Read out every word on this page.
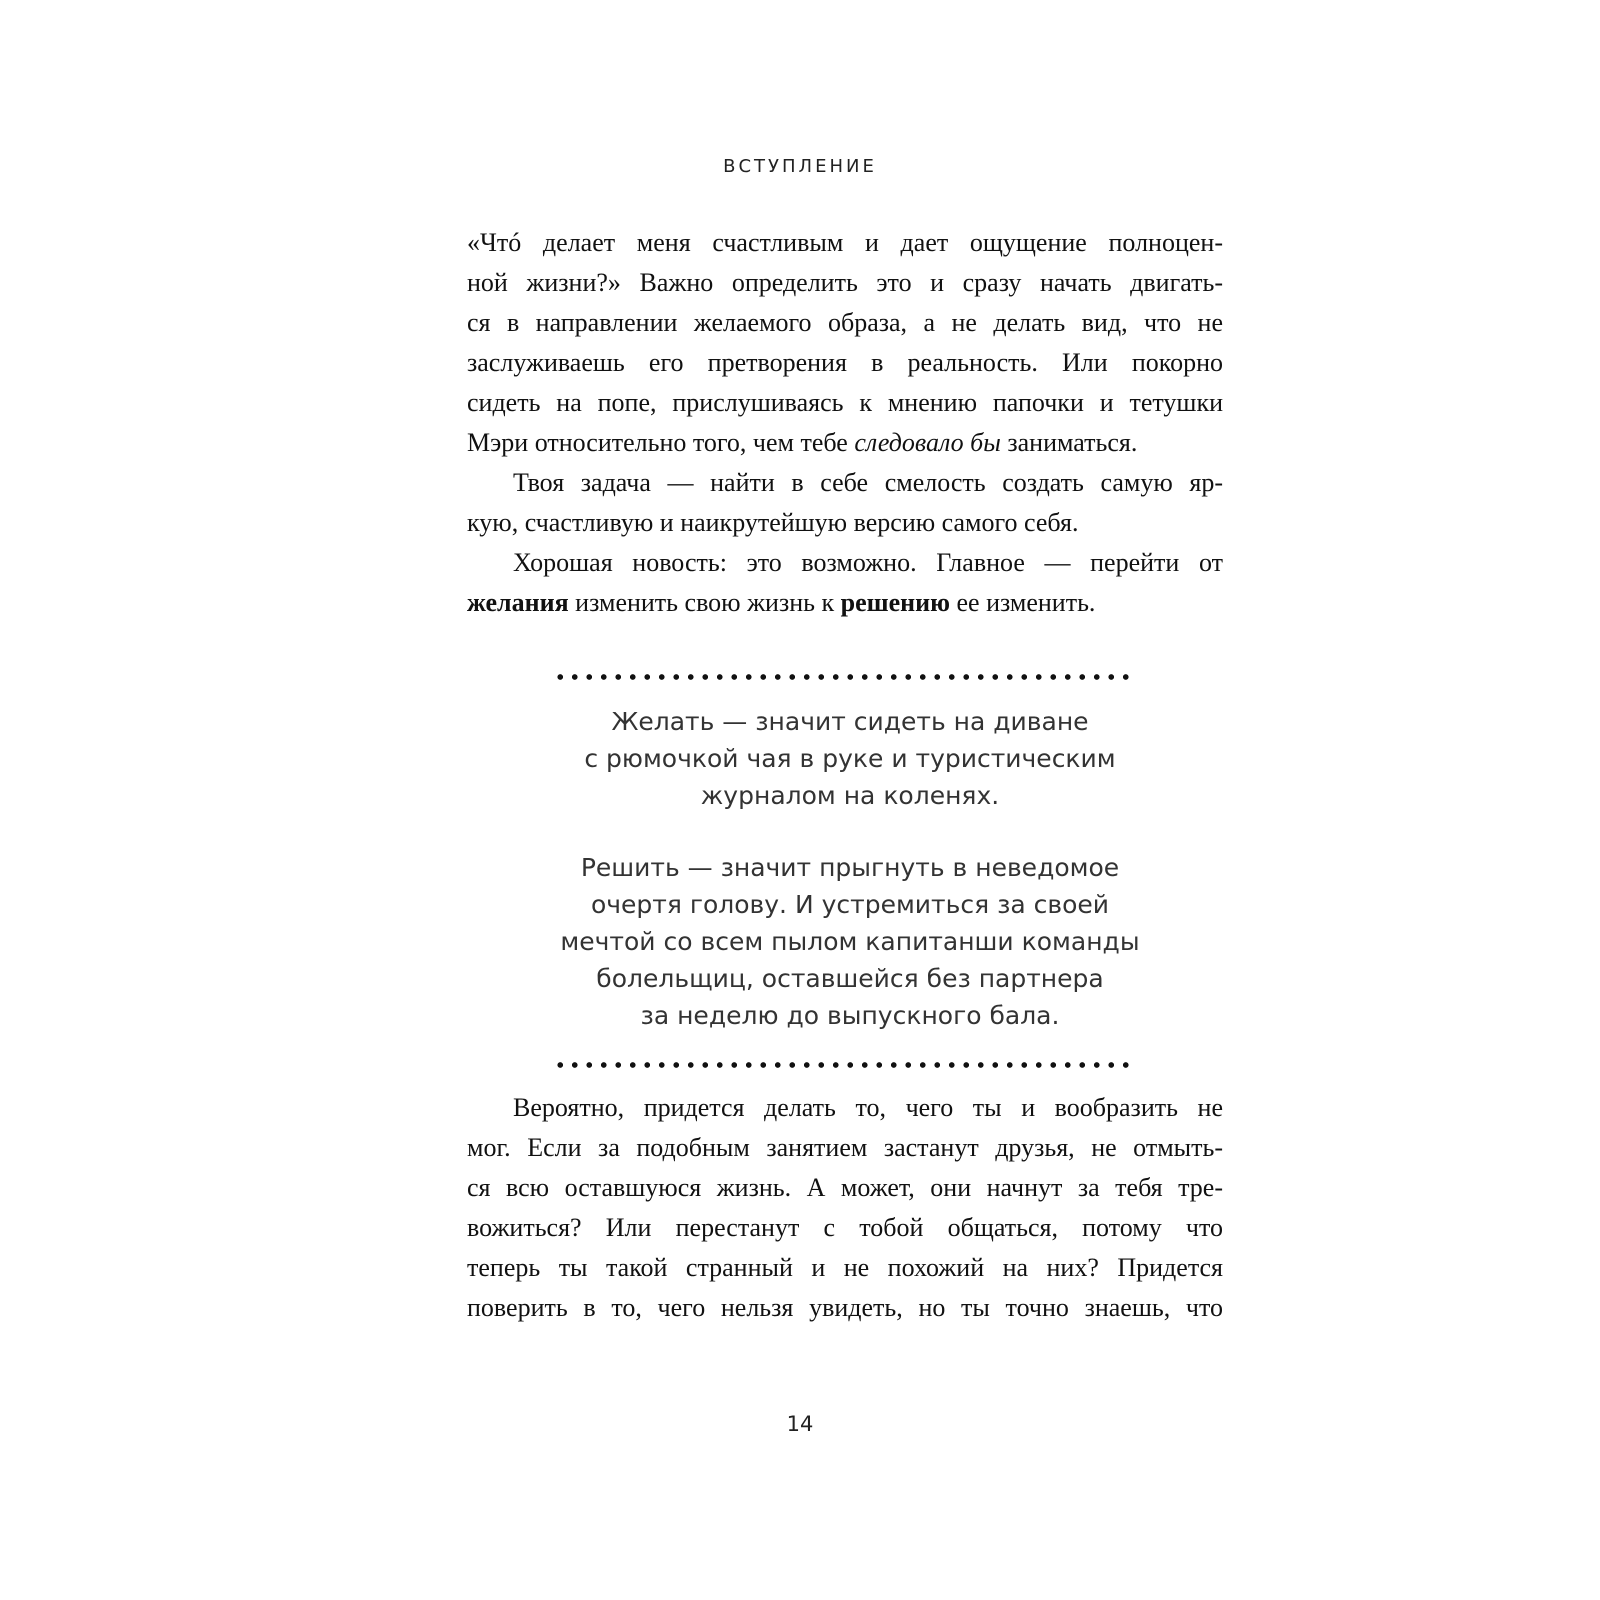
ВСТУПЛЕНИЕ
«Чтó делает меня счастливым и дает ощущение полноцен-
ной жизни?» Важно определить это и сразу начать двигать-
ся в направлении желаемого образа, а не делать вид, что не
заслуживаешь его претворения в реальность. Или покорно
сидеть на попе, прислушиваясь к мнению папочки и тетушки
Мэри относительно того, чем тебе следовало бы заниматься.
Твоя задача — найти в себе смелость создать самую яр-
кую, счастливую и наикрутейшую версию самого себя.
Хорошая новость: это возможно. Главное — перейти от
желания изменить свою жизнь к решению ее изменить.
Желать — значит сидеть на диване
с рюмочкой чая в руке и туристическим
журналом на коленях.
Решить — значит прыгнуть в неведомое
очертя голову. И устремиться за своей
мечтой со всем пылом капитанши команды
болельщиц, оставшейся без партнера
за неделю до выпускного бала.
Вероятно, придется делать то, чего ты и вообразить не
мог. Если за подобным занятием застанут друзья, не отмыть-
ся всю оставшуюся жизнь. А может, они начнут за тебя тре-
вожиться? Или перестанут с тобой общаться, потому что
теперь ты такой странный и не похожий на них? Придется
поверить в то, чего нельзя увидеть, но ты точно знаешь, что
14
